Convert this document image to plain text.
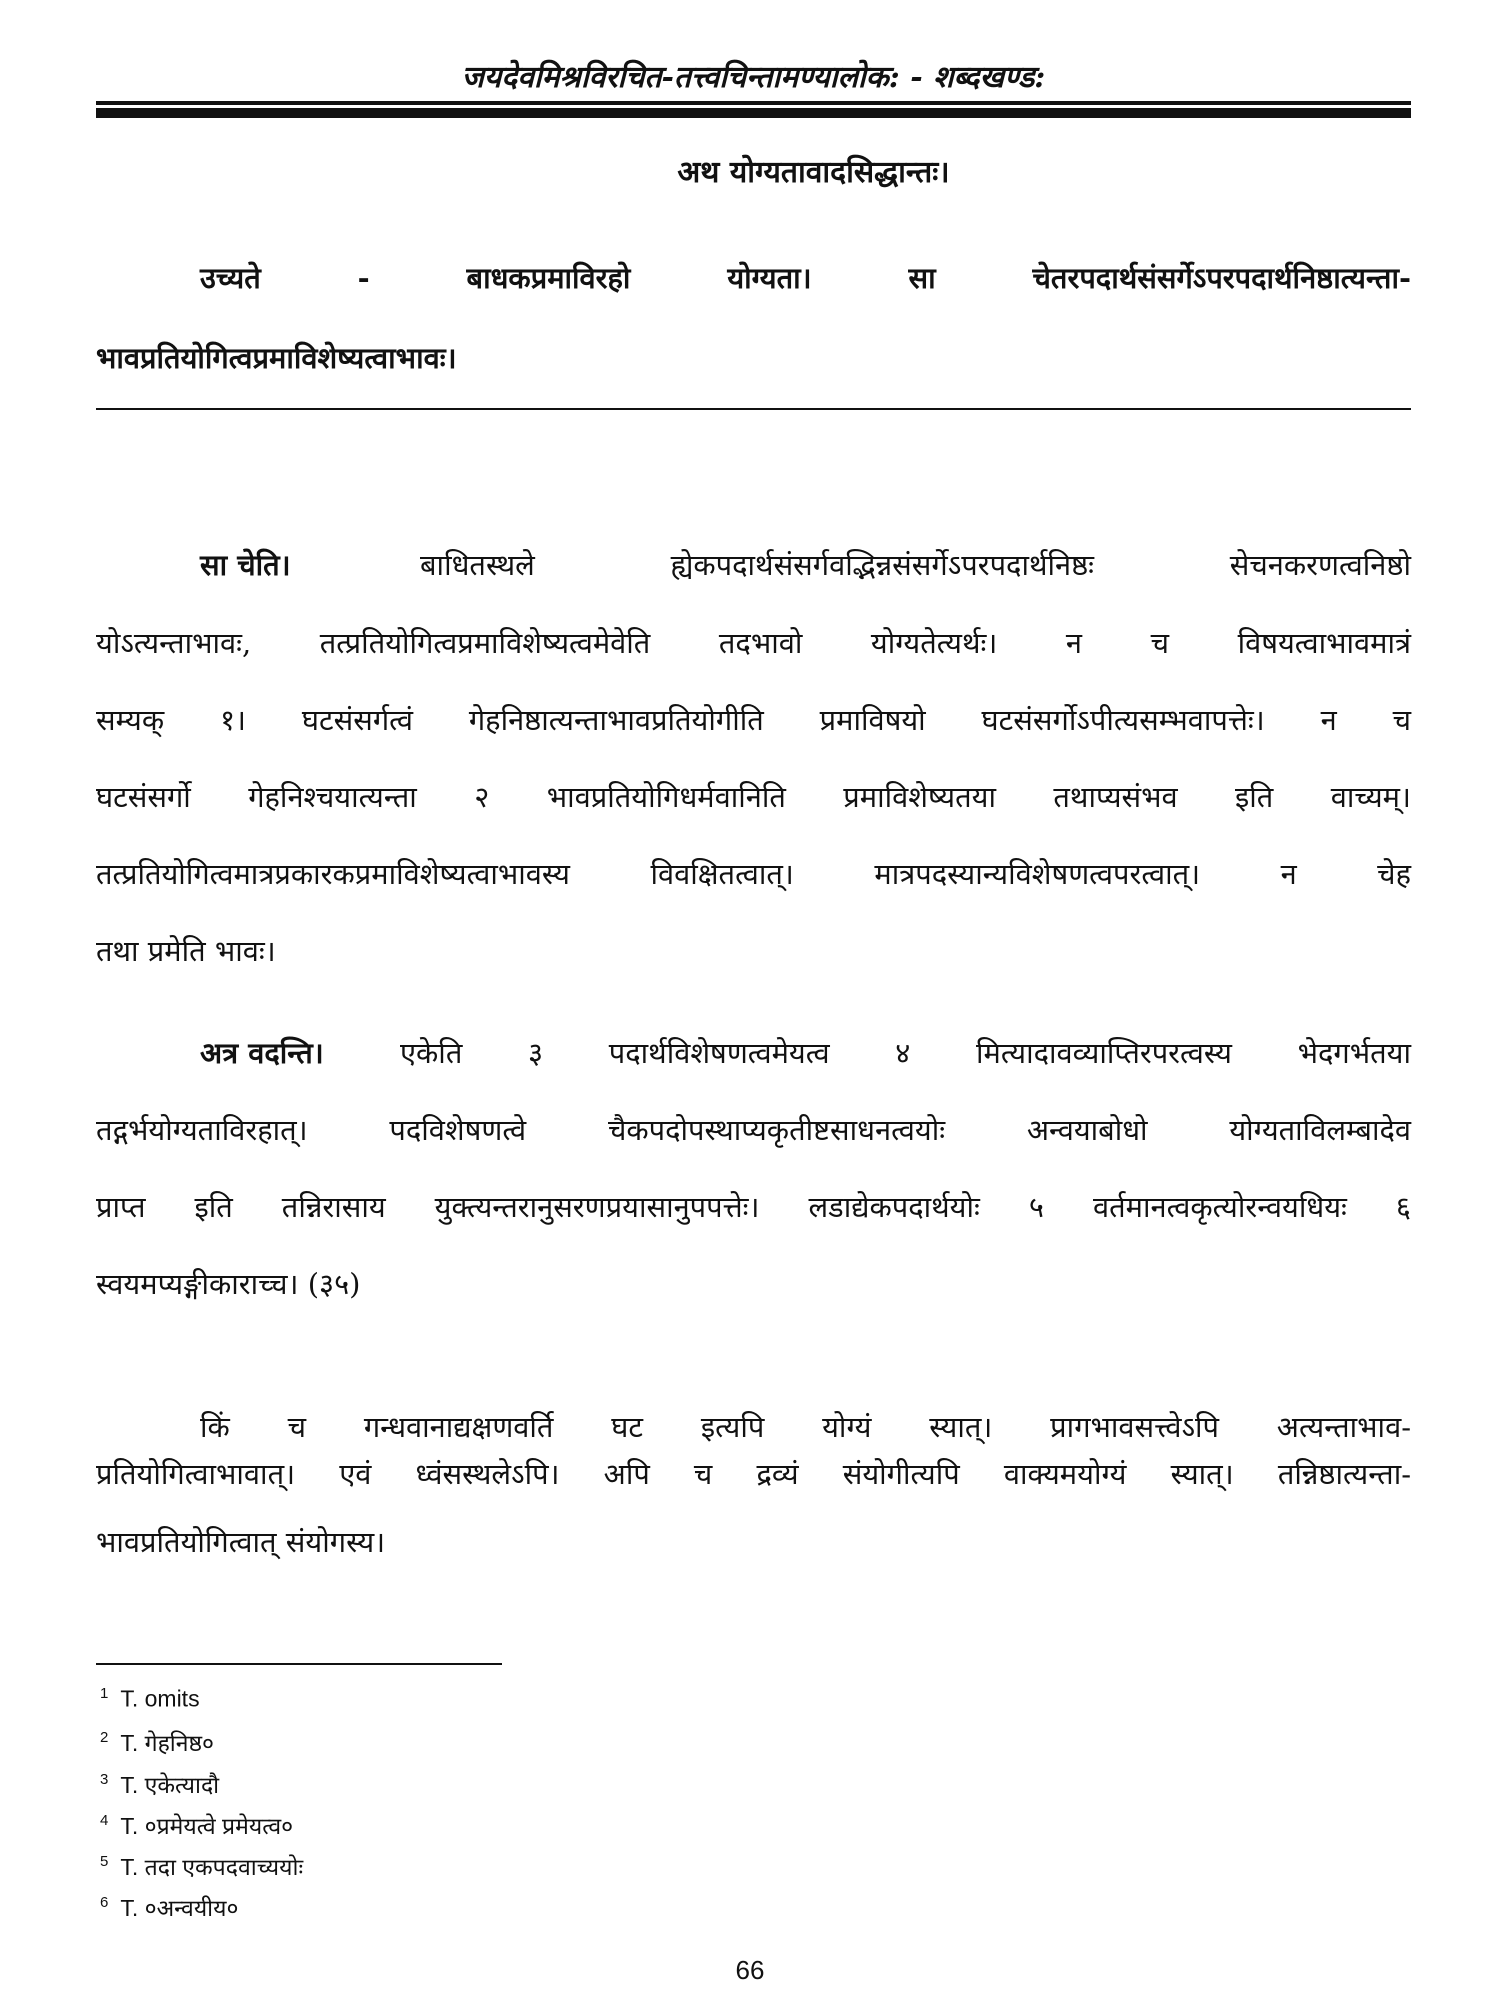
जयदेवमिश्रविरचित-तत्त्वचिन्तामण्यालोक: - शब्दखण्ड:
अथ योग्यतावादसिद्धान्तः।
उच्यते - बाधकप्रमाविरहो योग्यता। सा चेतरपदार्थसंसर्गेऽपरपदार्थनिष्ठात्यन्ता-
भावप्रतियोगित्वप्रमाविशेष्यत्वाभावः।
सा चेति।	बाधितस्थले ह्येकपदार्थसंसर्गवद्भिन्नसंसर्गेऽपरपदार्थनिष्ठः सेचनकरणत्वनिष्ठो
योऽत्यन्ताभावः, तत्प्रतियोगित्वप्रमाविशेष्यत्वमेवेति तदभावो योग्यतेत्यर्थः। न च विषयत्वाभावमात्रं
सम्यक् १। घटसंसर्गत्वं गेहनिष्ठात्यन्ताभावप्रतियोगीति प्रमाविषयो घटसंसर्गोऽपीत्यसम्भवापत्तेः। न च
घटसंसर्गो गेहनिश्चयात्यन्ता २ भावप्रतियोगिधर्मवानिति प्रमाविशेष्यतया तथाप्यसंभव इति वाच्यम्।
तत्प्रतियोगित्वमात्रप्रकारकप्रमाविशेष्यत्वाभावस्य विवक्षितत्वात्। मात्रपदस्यान्यविशेषणत्वपरत्वात्। न चेह
तथा प्रमेति भावः।
अत्र वदन्ति।	एकेति ३ पदार्थविशेषणत्वमेयत्व ४ मित्यादावव्याप्तिरपरत्वस्य भेदगर्भतया
तद्गर्भयोग्यताविरहात्। पदविशेषणत्वे चैकपदोपस्थाप्यकृतीष्टसाधनत्वयोः अन्वयाबोधो योग्यताविलम्बादेव
प्राप्त इति तन्निरासाय युक्त्यन्तरानुसरणप्रयासानुपपत्तेः। लडाद्येकपदार्थयोः ५ वर्तमानत्वकृत्योरन्वयधियः ६
स्वयमप्यङ्गीकाराच्च। (३५)
किं च गन्धवानाद्यक्षणवर्ति घट इत्यपि योग्यं स्यात्। प्रागभावसत्त्वेऽपि अत्यन्ताभाव-
प्रतियोगित्वाभावात्। एवं ध्वंसस्थलेऽपि। अपि च द्रव्यं संयोगीत्यपि वाक्यमयोग्यं स्यात्। तन्निष्ठात्यन्ता-
भावप्रतियोगित्वात् संयोगस्य।
$^1$ T. omits
$^2$ T. गेहनिष्ठ०
$^3$ T. एकेत्यादौ
$^4$ T. ०प्रमेयत्वे प्रमेयत्व०
$^5$ T. तदा एकपदवाच्ययोः
$^6$ T. ०अन्वयीय०
66
